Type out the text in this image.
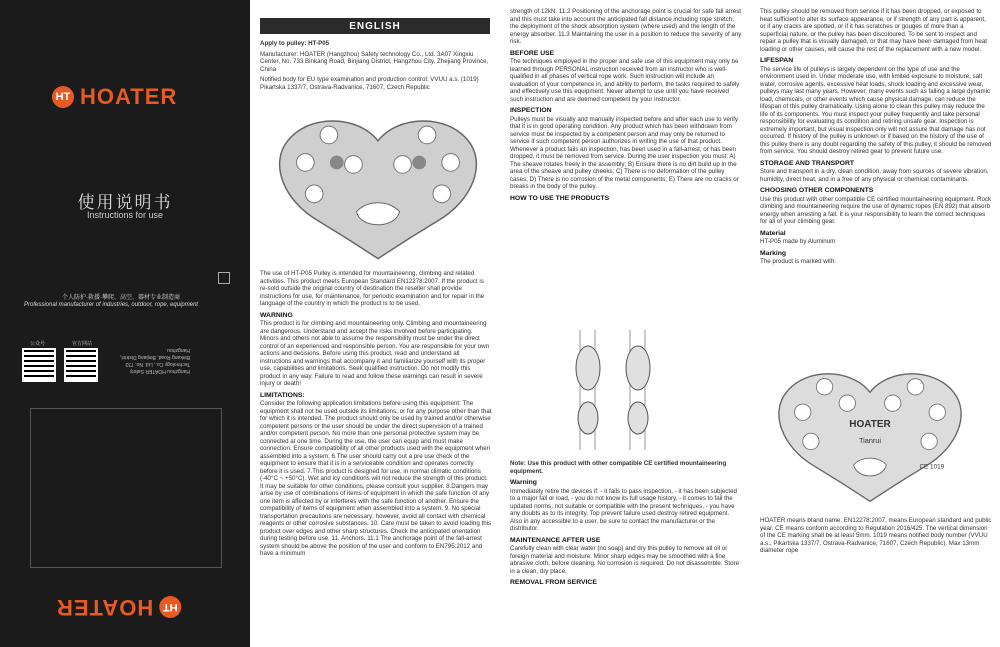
HT HOATER
使用说明书
Instructions for use
个人防护·救援·攀爬、高空、器材专业制造商
Professional manufacturer of industries, outdoor, rope, equipment
公众号	官方网站
Hangzhou HOATER Safety Technology Co., Ltd. No. 733 Binkang Road, Binjiang District, Hangzhou
HT
HOATER
ENGLISH

Apply to pulley: HT-P05

Manufacturer: HOATER (Hangzhou) Safety technology Co., Ltd. 3A07 Xingxiu Center, No. 733 Binkang Road, Binjiang District, Hangzhou City, Zhejiang Province, China

Notified body for EU type examination and production control: VVUU a.s. (1019) Pikartska 1337/7, Ostrava-Radvanice, 71607, Czech Republic

The use of HT-P05 Pulley is intended for mountaineering, climbing and related activities. This product meets European Standard EN12278:2007. If the product is re-sold outside the original country of destination the reseller shall provide instructions for use, for maintenance, for periodic examination and for repair in the language of the country in which the product is to be used.

WARNING

This product is for climbing and mountaineering only. Climbing and mountaineering are dangerous. Understand and accept the risks involved before participating. Minors and others not able to assume the responsibility must be under the direct control of an experienced and responsible person. You are responsible for your own actions and decisions. Before using this product, read and understand all instructions and warnings that accompany it and familiarize yourself with its proper use, capabilities and limitations. Seek qualified instruction. Do not modify this product in any way. Failure to read and follow these warnings can result in severe injury or death!

LIMITATIONS:

Consider the following application limitations before using this equipment: The equipment shall not be used outside its limitations, or for any purpose other than that for which it is intended. The product should only be used by trained and/or otherwise competent persons or the user should be under the direct supervision of a trained and/or competent person. No more than one personal protective system may be connected at one time. During the use, the user can equip and must make connection. Ensure compatibility of all other products used with the equipment when assembled into a system. 6.The user should carry out a pre use check of the equipment to ensure that it is in a serviceable condition and operates correctly before it is used. 7.This product is designed for use, in normal climatic conditions (-40°C ~ +50°C). Wet and icy conditions will not reduce the strength of this product. It may be suitable for other conditions, please consult your supplier. 8.Dangers may arise by use of combinations of items of equipment in which the safe function of any one item is affected by or interferes with the safe function of another. Ensure the compatibility of items of equipment when assembled into a system. 9. No special transportation precautions are necessary; however, avoid all contact with chemical reagents or other corrosive substances. 10. Care must be taken to avoid loading this product over edges and other sharp structures. Check the anticipated orientation during testing before use. 11. Anchors. 11.1 The anchorage point of the fall-arrest system should be above the position of the user and conform to EN795:2012 and have a minimum

strength of 12kN. 11.2 Positioning of the anchorage point is crucial for safe fall arrest and this must take into account the anticipated fall distance including rope stretch, the deployment of the shock absorption system (where used) and the length of the energy absorber. 11.3 Maintaining the user in a position to reduce the severity of any risk.

BEFORE USE

The techniques employed in the proper and safe use of this equipment may only be learned through PERSONAL instruction received from an instructor who is well-qualified in all phases of vertical rope work. Such instruction will include an evaluation of your competence in, and ability to perform, the tasks required to safely and effectively use this equipment. Never attempt to use until you have received such instruction and are deemed competent by your instructor.

INSPECTION

Pulleys must be visually and manually inspected before and after each use to verify that it is in good operating condition. Any product which has been withdrawn from service must be inspected by a competent person and may only be returned to service if such competent person authorizes in writing the use of that product. Whenever a product fails an inspection, has been used in a fall-arrest, or has been dropped, it must be removed from service. During the user inspection you must: A) The sheave rotates freely in the assembly; B) Ensure there is no dirt build up in the area of the sheave and pulley cheeks; C) There is no deformation of the pulley cases; D) There is no corrosion of the metal components; E) There are no cracks or breaks in the body of the pulley.

HOW TO USE THE PRODUCTS

Note: Use this product with other compatible CE certified mountaineering equipment.

Warning

Immediately retire the devices if: - it fails to pass inspection, - it has been subjected to a major fall or load, - you do not know its full usage history, - it comes to fail the updated norms, not suitable or compatible with the present techniques, - you have any doubts as to its integrity. Top prevent failure used destroy retired equipment. Also in any accessible to a user, be sure to contact the manufacturer or the distributor.

MAINTENANCE AFTER USE

Carefully clean with clear water (no soap) and dry this pulley to remove all oil or foreign material and moisture. Minor sharp edges may be smoothed with a fine abrasive cloth, before cleaning. No corrosion is required. Do not disassemble. Store in a clean, dry place.

REMOVAL FROM SERVICE

This pulley should be removed from service if it has been dropped, or exposed to heat sufficient to alter its surface appearance, or if strength of any part is apparent, or if any cracks are spotted, or if it has scratches or gouges of more than a superficial nature, or the pulley has been discoloured. To be sent to inspect and repair a pulley that is visually damaged, or that may have been damaged from heat loading or other causes, will cause the rest of the replacement with a new model.

LIFESPAN

The service life of pulleys is largely dependent on the type of use and the environment used in. Under moderate use, with limited exposure to moisture, salt water, corrosive agents, excessive heat loads, shock loading and excessive wear, pulleys may last many years. However, many events such as falling a large dynamic load, chemicals, or other events which cause physical damage, can reduce the lifespan of this pulley dramatically. Using alone to clean this pulley may reduce the life of its components. You must inspect your pulley frequently and take personal responsibility for evaluating its condition and retiring unsafe gear. Inspection is extremely important, but visual inspection only will not assure that damage has not occurred. If history of the pulley is unknown or if based on the history of the use of this pulley there is any doubt regarding the safety of this pulley, it should be removed from service. You should destroy retired gear to prevent future use.

STORAGE AND TRANSPORT

Store and transport in a dry, clean condition, away from sources of severe vibration, humidity, direct heat, and in a free of any physical or chemical contaminants.

CHOOSING OTHER COMPONENTS

Use this product with other compatible CE certified mountaineering equipment. Rock climbing and mountaineering require the use of dynamic ropes (EN 892) that absorb energy when arresting a fall. It is your responsibility to learn the correct techniques for all of your climbing gear.

Material

HT-P05 made by Aluminum

Marking

The product is marked with:

HOATER
Tianrui
CE 1019

HOATER means brand name. EN12278:2007, means European standard and public year, CE means conform according to Regulation 2016/425. The vertical dimension of the CE marking shall be at least 5mm. 1019 means notified body number (VVUU a.s., Pikartska 1337/7, Ostrava-Radvanice, 71607, Czech Republic). Max 13mm diameter rope
